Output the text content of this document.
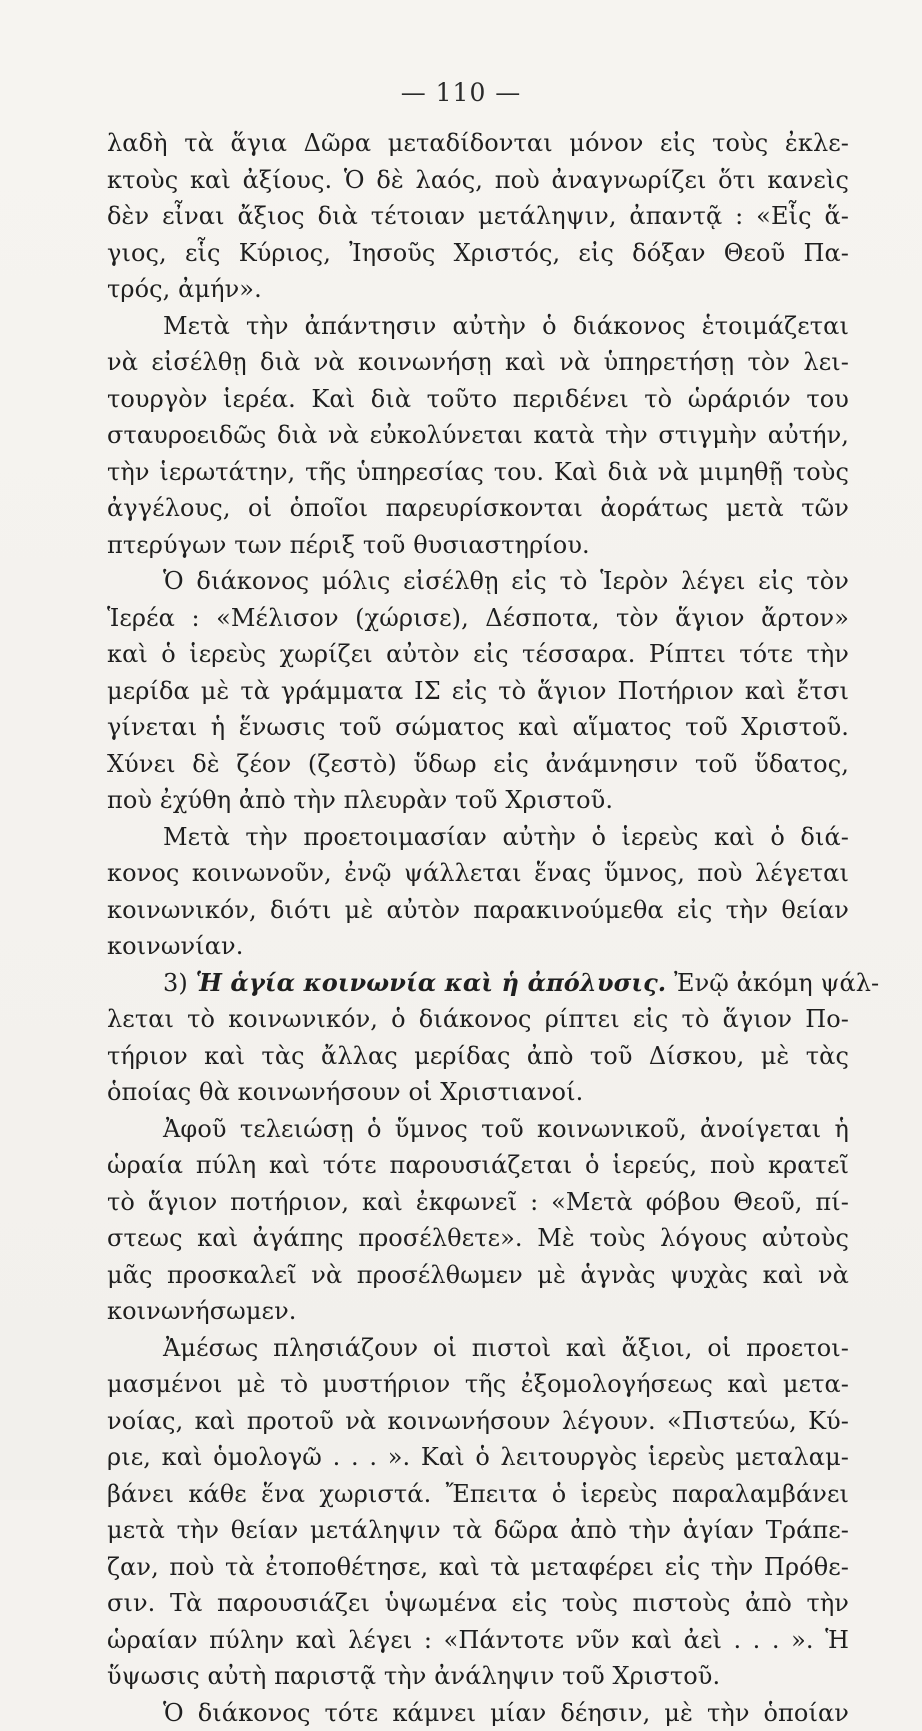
— 110 —
λαδὴ τὰ ἅγια Δῶρα μεταδίδονται μόνον εἰς τοὺς ἐκλε-
κτοὺς καὶ ἀξίους. Ὁ δὲ λαός, ποὺ ἀναγνωρίζει ὅτι κανεὶς
δὲν εἶναι ἄξιος διὰ τέτοιαν μετάληψιν, ἀπαντᾷ : «Εἷς ἅ-
γιος, εἷς Κύριος, Ἰησοῦς Χριστός, εἰς δόξαν Θεοῦ Πα-
τρός, ἀμήν».
Μετὰ τὴν ἀπάντησιν αὐτὴν ὁ διάκονος ἑτοιμάζεται
νὰ εἰσέλθῃ διὰ νὰ κοινωνήσῃ καὶ νὰ ὑπηρετήσῃ τὸν λει-
τουργὸν ἱερέα. Καὶ διὰ τοῦτο περιδένει τὸ ὡράριόν του
σταυροειδῶς διὰ νὰ εὐκολύνεται κατὰ τὴν στιγμὴν αὐτήν,
τὴν ἱερωτάτην, τῆς ὑπηρεσίας του. Καὶ διὰ νὰ μιμηθῇ τοὺς
ἀγγέλους, οἱ ὁποῖοι παρευρίσκονται ἀοράτως μετὰ τῶν
πτερύγων των πέριξ τοῦ θυσιαστηρίου.
Ὁ διάκονος μόλις εἰσέλθῃ εἰς τὸ Ἱερὸν λέγει εἰς τὸν
Ἱερέα : «Μέλισον (χώρισε), Δέσποτα, τὸν ἅγιον ἄρτον»
καὶ ὁ ἱερεὺς χωρίζει αὐτὸν εἰς τέσσαρα. Ρίπτει τότε τὴν
μερίδα μὲ τὰ γράμματα ΙΣ εἰς τὸ ἅγιον Ποτήριον καὶ ἔτσι
γίνεται ἡ ἕνωσις τοῦ σώματος καὶ αἵματος τοῦ Χριστοῦ.
Χύνει δὲ ζέον (ζεστὸ) ὕδωρ εἰς ἀνάμνησιν τοῦ ὕδατος,
ποὺ ἐχύθη ἀπὸ τὴν πλευρὰν τοῦ Χριστοῦ.
Μετὰ τὴν προετοιμασίαν αὐτὴν ὁ ἱερεὺς καὶ ὁ διά-
κονος κοινωνοῦν, ἐνῷ ψάλλεται ἕνας ὕμνος, ποὺ λέγεται
κοινωνικόν, διότι μὲ αὐτὸν παρακινούμεθα εἰς τὴν θείαν
κοινωνίαν.
3) Ἡ ἁγία κοινωνία καὶ ἡ ἀπόλυσις. Ἐνῷ ἀκόμη ψάλ-
λεται τὸ κοινωνικόν, ὁ διάκονος ρίπτει εἰς τὸ ἅγιον Πο-
τήριον καὶ τὰς ἄλλας μερίδας ἀπὸ τοῦ Δίσκου, μὲ τὰς
ὁποίας θὰ κοινωνήσουν οἱ Χριστιανοί.
Ἀφοῦ τελειώσῃ ὁ ὕμνος τοῦ κοινωνικοῦ, ἀνοίγεται ἡ
ὡραία πύλη καὶ τότε παρουσιάζεται ὁ ἱερεύς, ποὺ κρατεῖ
τὸ ἅγιον ποτήριον, καὶ ἐκφωνεῖ : «Μετὰ φόβου Θεοῦ, πί-
στεως καὶ ἀγάπης προσέλθετε». Μὲ τοὺς λόγους αὐτοὺς
μᾶς προσκαλεῖ νὰ προσέλθωμεν μὲ ἁγνὰς ψυχὰς καὶ νὰ
κοινωνήσωμεν.
Ἀμέσως πλησιάζουν οἱ πιστοὶ καὶ ἄξιοι, οἱ προετοι-
μασμένοι μὲ τὸ μυστήριον τῆς ἐξομολογήσεως καὶ μετα-
νοίας, καὶ προτοῦ νὰ κοινωνήσουν λέγουν. «Πιστεύω, Κύ-
ριε, καὶ ὁμολογῶ . . . ». Καὶ ὁ λειτουργὸς ἱερεὺς μεταλαμ-
βάνει κάθε ἕνα χωριστά. Ἔπειτα ὁ ἱερεὺς παραλαμβάνει
μετὰ τὴν θείαν μετάληψιν τὰ δῶρα ἀπὸ τὴν ἁγίαν Τράπε-
ζαν, ποὺ τὰ ἐτοποθέτησε, καὶ τὰ μεταφέρει εἰς τὴν Πρόθε-
σιν. Τὰ παρουσιάζει ὑψωμένα εἰς τοὺς πιστοὺς ἀπὸ τὴν
ὡραίαν πύλην καὶ λέγει : «Πάντοτε νῦν καὶ ἀεὶ . . . ». Ἡ
ὕψωσις αὐτὴ παριστᾷ τὴν ἀνάληψιν τοῦ Χριστοῦ.
Ὁ διάκονος τότε κάμνει μίαν δέησιν, μὲ τὴν ὁποίαν
